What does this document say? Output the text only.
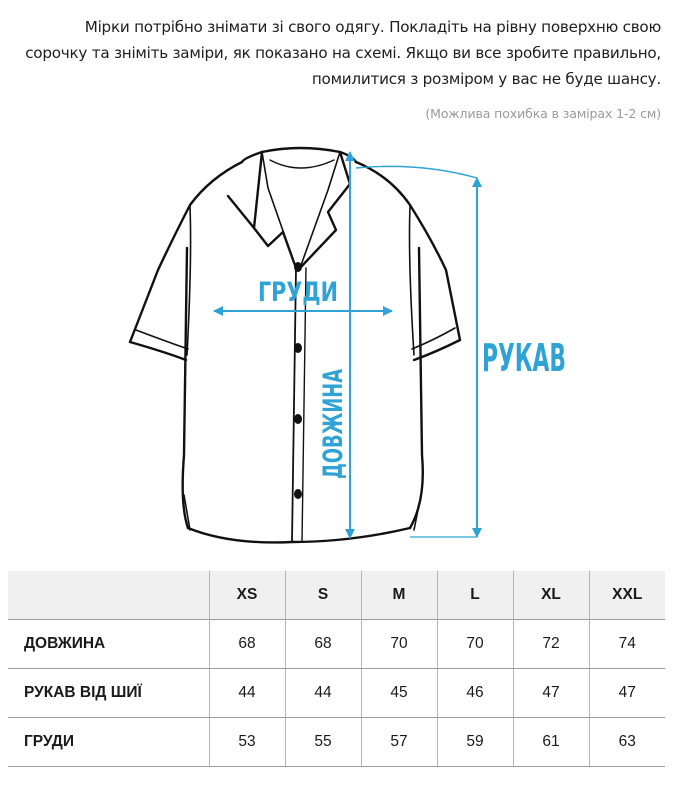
Мірки потрібно знімати зі свого одягу. Покладіть на рівну поверхню свою сорочку та зніміть заміри, як показано на схемі. Якщо ви все зробите правильно, помилитися з розміром у вас не буде шансу.
(Можлива похибка в замірах 1-2 см)
ГРУДИ
РУКАВ
ДОВЖИНА
	XS	S	M	L	XL	XXL
ДОВЖИНА	68	68	70	70	72	74
РУКАВ ВІД ШИЇ	44	44	45	46	47	47
ГРУДИ	53	55	57	59	61	63
